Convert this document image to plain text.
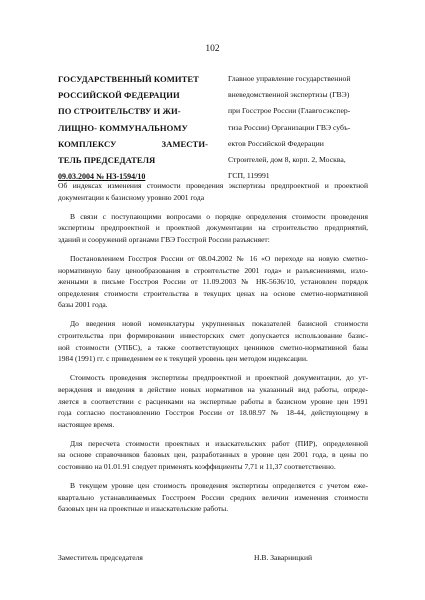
102
ГОСУДАРСТВЕННЫЙ КОМИТЕТ
РОССИЙСКОЙ ФЕДЕРАЦИИ
ПО СТРОИТЕЛЬСТВУ И ЖИ-
ЛИЩНО- КОММУНАЛЬНОМУ
КОМПЛЕКСУ	ЗАМЕСТИ-
ТЕЛЬ ПРЕДСЕДАТЕЛЯ
Главное управление государственной
вневедомственной экспертизы (ГВЭ)
при Госстрое России (Главгосэкспер-
тиза России) Организации ГВЭ субъ-
ектов Российской Федерации
Строителей, дом 8, корп. 2, Москва,
ГСП, 119991
09.03.2004 № НЗ-1594/10

Об индексах изменения стоимости проведения экспертизы предпроектной и проектной
документации к базисному уровню 2001 года

В связи с поступающими вопросами о порядке определения стоимости проведения
экспертизы предпроектной и проектной документации на строительство предприятий,
зданий и сооружений органами ГВЭ Госстрой России разъясняет:

Постановлением Госстроя России от 08.04.2002 № 16 «О переходе на новую сметно-
нормативную базу ценообразования в строительстве 2001 года» и разъяснениями, изло-
женными в письме Госстроя России от 11.09.2003 № НК-5636/10, установлен порядок
определения стоимости строительства в текущих ценах на основе сметно-нормативной
базы 2001 года.

До введения новой номенклатуры укрупненных показателей базисной стоимости
строительства при формировании инвесторских смет допускается использование базис-
ной стоимости (УПБС), а также соответствующих ценников сметно-нормативной базы
1984 (1991) гг. с приведением ее к текущей уровень цен методом индексации.

Стоимость проведения экспертизы предпроектной и проектной документации, до ут-
верждения и введения в действие новых нормативов на указанный вид работы, опреде-
ляется в соответствии с расценками на экспертные работы в базисном уровне цен 1991
года согласно постановлению Госстроя России от 18.08.97 № 18-44, действующему в
настоящее время.

Для пересчета стоимости проектных и изыскательских работ (ПИР), определенной
на основе справочников базовых цен, разработанных в уровне цен 2001 года, в цены по
состоянию на 01.01.91 следует применять коэффициенты 7,71 и 11,37 соответственно.

В текущем уровне цен стоимость проведения экспертизы определяется с учетом еже-
квартально устанавливаемых Госстроем России средних величин изменения стоимости
базовых цен на проектные и изыскательские работы.

Заместитель председателя	Н.В. Заварницкий
